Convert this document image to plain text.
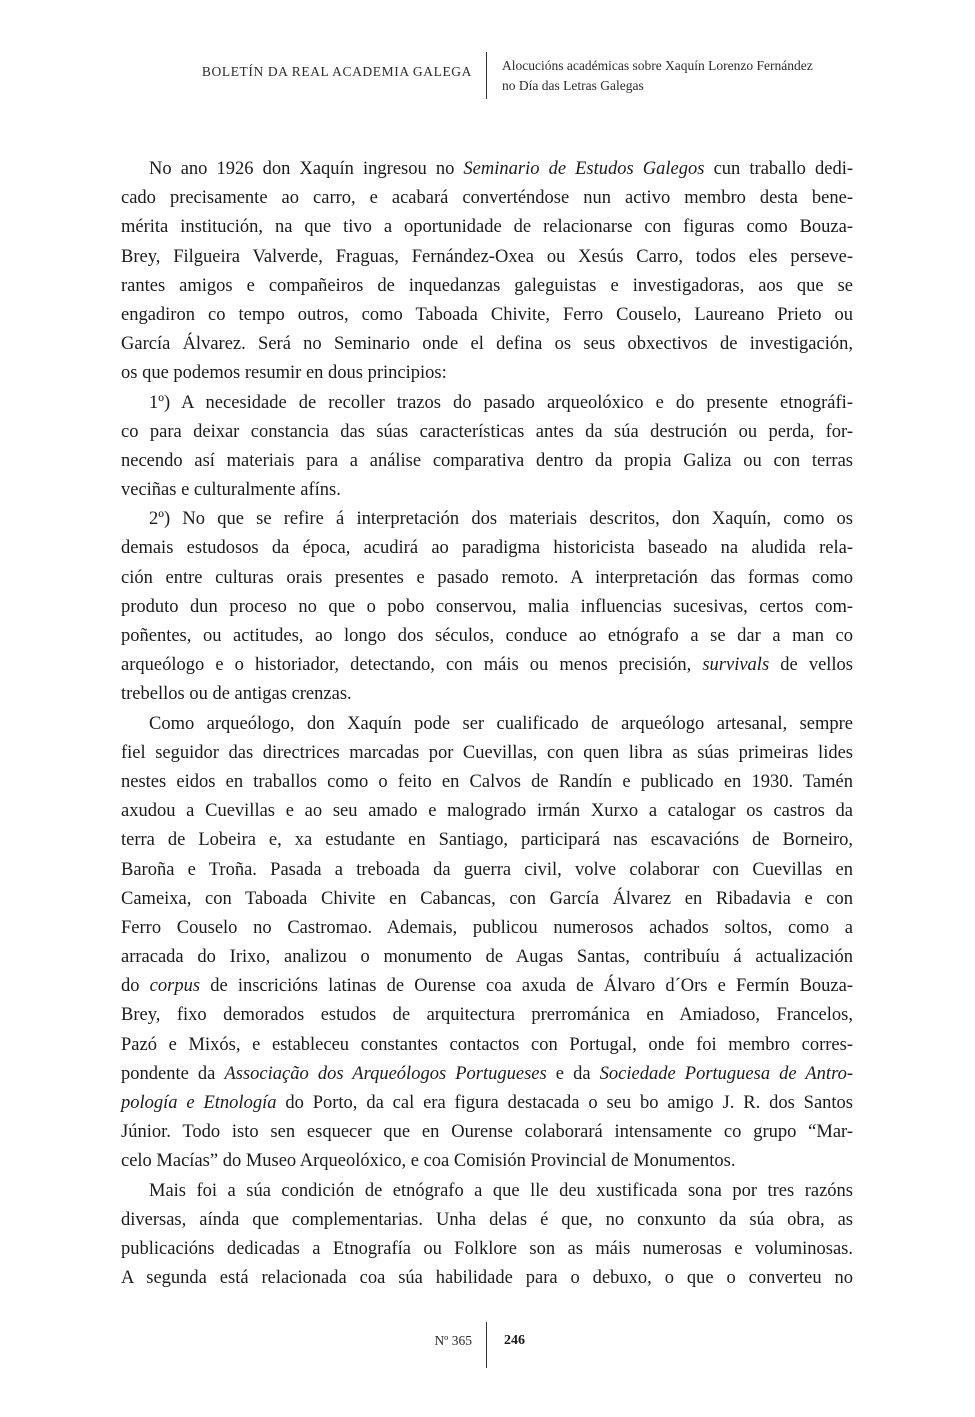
BOLETÍN DA REAL ACADEMIA GALEGA Alocucións académicas sobre Xaquín Lorenzo Fernández
no Día das Letras Galegas
No ano 1926 don Xaquín ingresou no Seminario de Estudos Galegos cun traballo dedi-
cado precisamente ao carro, e acabará converténdose nun activo membro desta bene-
mérita institución, na que tivo a oportunidade de relacionarse con figuras como Bouza-
Brey, Filgueira Valverde, Fraguas, Fernández-Oxea ou Xesús Carro, todos eles perseve-
rantes amigos e compañeiros de inquedanzas galeguistas e investigadoras, aos que se
engadiron co tempo outros, como Taboada Chivite, Ferro Couselo, Laureano Prieto ou
García Álvarez. Será no Seminario onde el defina os seus obxectivos de investigación,
os que podemos resumir en dous principios:
1º) A necesidade de recoller trazos do pasado arqueolóxico e do presente etnográfi-
co para deixar constancia das súas características antes da súa destrución ou perda, for-
necendo así materiais para a análise comparativa dentro da propia Galiza ou con terras
veciñas e culturalmente afíns.
2º) No que se refire á interpretación dos materiais descritos, don Xaquín, como os
demais estudosos da época, acudirá ao paradigma historicista baseado na aludida rela-
ción entre culturas orais presentes e pasado remoto. A interpretación das formas como
produto dun proceso no que o pobo conservou, malia influencias sucesivas, certos com-
poñentes, ou actitudes, ao longo dos séculos, conduce ao etnógrafo a se dar a man co
arqueólogo e o historiador, detectando, con máis ou menos precisión, survivals de vellos
trebellos ou de antigas crenzas.
Como arqueólogo, don Xaquín pode ser cualificado de arqueólogo artesanal, sempre
fiel seguidor das directrices marcadas por Cuevillas, con quen libra as súas primeiras lides
nestes eidos en traballos como o feito en Calvos de Randín e publicado en 1930. Tamén
axudou a Cuevillas e ao seu amado e malogrado irmán Xurxo a catalogar os castros da
terra de Lobeira e, xa estudante en Santiago, participará nas escavacións de Borneiro,
Baroña e Troña. Pasada a treboada da guerra civil, volve colaborar con Cuevillas en
Cameixa, con Taboada Chivite en Cabancas, con García Álvarez en Ribadavia e con
Ferro Couselo no Castromao. Ademais, publicou numerosos achados soltos, como a
arracada do Irixo, analizou o monumento de Augas Santas, contribuíu á actualización
do corpus de inscricións latinas de Ourense coa axuda de Álvaro d´Ors e Fermín Bouza-
Brey, fixo demorados estudos de arquitectura prerrománica en Amiadoso, Francelos,
Pazó e Mixós, e estableceu constantes contactos con Portugal, onde foi membro corres-
pondente da Associação dos Arqueólogos Portugueses e da Sociedade Portuguesa de Antro-
pología e Etnología do Porto, da cal era figura destacada o seu bo amigo J. R. dos Santos
Júnior. Todo isto sen esquecer que en Ourense colaborará intensamente co grupo “Mar-
celo Macías” do Museo Arqueolóxico, e coa Comisión Provincial de Monumentos.
Mais foi a súa condición de etnógrafo a que lle deu xustificada sona por tres razóns
diversas, aínda que complementarias. Unha delas é que, no conxunto da súa obra, as
publicacións dedicadas a Etnografía ou Folklore son as máis numerosas e voluminosas.
A segunda está relacionada coa súa habilidade para o debuxo, o que o converteu no
Nº 365 246
